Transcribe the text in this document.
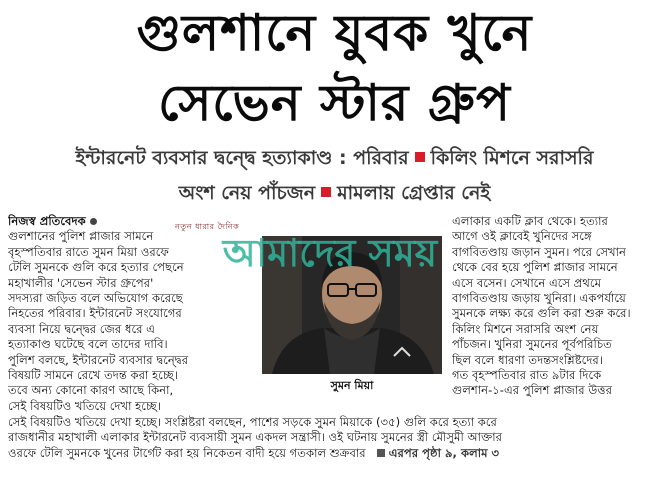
গুলশানে যুবক খুনে
সেভেন স্টার গ্রুপ
ইন্টারনেট ব্যবসার দ্বন্দ্বে হত্যাকাণ্ড : পরিবার কিলিং মিশনে সরাসরি
অংশ নেয় পাঁচজন মামলায় গ্রেপ্তার নেই
নিজস্ব প্রতিবেদক
গুলশানের পুলিশ প্লাজার সামনে
বৃহস্পতিবার রাতে সুমন মিয়া ওরফে
টেলি সুমনকে গুলি করে হত্যার পেছনে
মহাখালীর 'সেভেন স্টার গ্রুপের'
সদস্যরা জড়িত বলে অভিযোগ করেছে
নিহতের পরিবার। ইন্টারনেট সংযোগের
ব্যবসা নিয়ে দ্বন্দ্বের জের ধরে এ
হত্যাকাণ্ড ঘটেছে বলে তাদের দাবি।
পুলিশ বলছে, ইন্টারনেট ব্যবসার দ্বন্দ্বের
বিষয়টি সামনে রেখে তদন্ত করা হচ্ছে।
তবে অন্য কোনো কারণ আছে কিনা,
সেই বিষয়টিও খতিয়ে দেখা হচ্ছে।
সুমন মিয়া
নতুন ধারার দৈনিক
আমাদের সময়
এলাকার একটি ক্লাব থেকে। হত্যার
আগে ওই ক্লাবেই খুনিদের সঙ্গে
বাগবিতণ্ডায় জড়ান সুমন। পরে সেখান
থেকে বের হয়ে পুলিশ প্লাজার সামনে
এসে বসেন। সেখানে এসে প্রথমে
বাগবিতণ্ডায় জড়ায় খুনিরা। একপর্যায়ে
সুমনকে লক্ষ্য করে গুলি করা শুরু করে।
কিলিং মিশনে সরাসরি অংশ নেয়
পাঁচজন। খুনিরা সুমনের পূর্বপরিচিত
ছিল বলে ধারণা তদন্তসংশ্লিষ্টদের।
গত বৃহস্পতিবার রাত ৯টার দিকে
গুলশান-১-এর পুলিশ প্লাজার উত্তর
সেই বিষয়টিও খতিয়ে দেখা হচ্ছে। সংশ্লিষ্টরা বলছেন, পাশের সড়কে সুমন মিয়াকে (৩৫) গুলি করে হত্যা করে
রাজধানীর মহাখালী এলাকার ইন্টারনেট ব্যবসায়ী সুমন একদল সন্ত্রাসী। ওই ঘটনায় সুমনের স্ত্রী মৌসুমী আক্তার
ওরফে টেলি সুমনকে খুনের টার্গেট করা হয় নিকেতন বাদী হয়ে গতকাল শুক্রবার এরপর পৃষ্ঠা ৯, কলাম ৩
